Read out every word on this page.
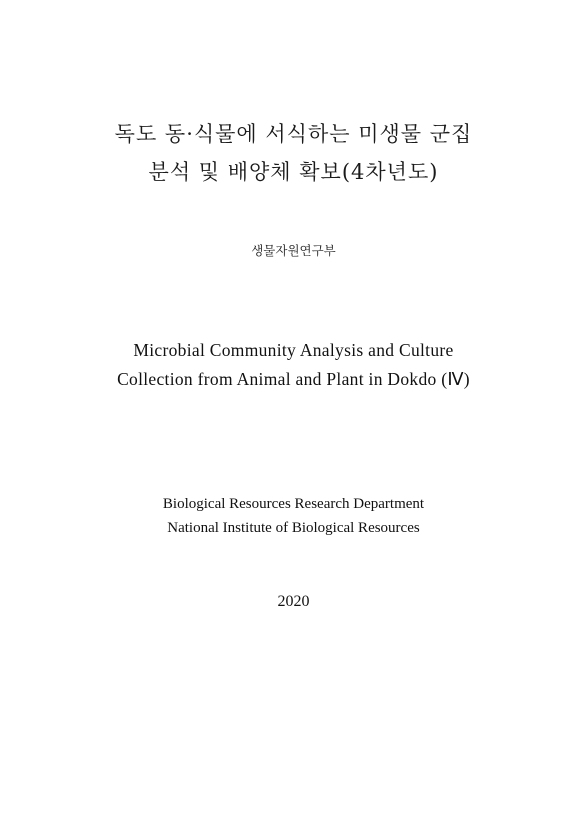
독도 동·식물에 서식하는 미생물 군집
분석 및 배양체 확보(4차년도)
생물자원연구부
Microbial Community Analysis and Culture
Collection from Animal and Plant in Dokdo (Ⅳ)
Biological Resources Research Department
National Institute of Biological Resources
2020
